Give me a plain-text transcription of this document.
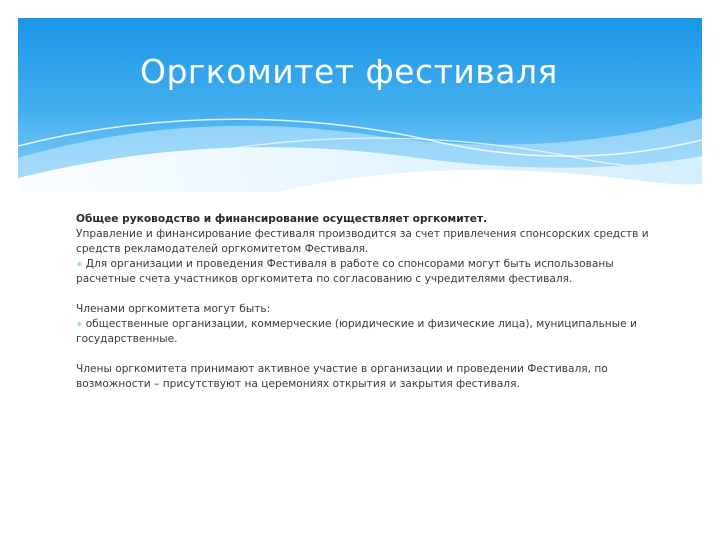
Оргкомитет фестиваля

Общее руководство и финансирование осуществляет оргкомитет.

Управление и финансирование фестиваля производится за счет привлечения спонсорских средств и средств рекламодателей оргкомитетом Фестиваля.

✳ Для организации и проведения Фестиваля в работе со спонсорами могут быть использованы расчетные счета участников оргкомитета по согласованию с учредителями фестиваля.

Членами оргкомитета могут быть:

✳ общественные организации, коммерческие (юридические и физические лица), муниципальные и государственные.

Члены оргкомитета принимают активное участие в организации и проведении Фестиваля, по возможности – присутствуют на церемониях открытия и закрытия фестиваля.
